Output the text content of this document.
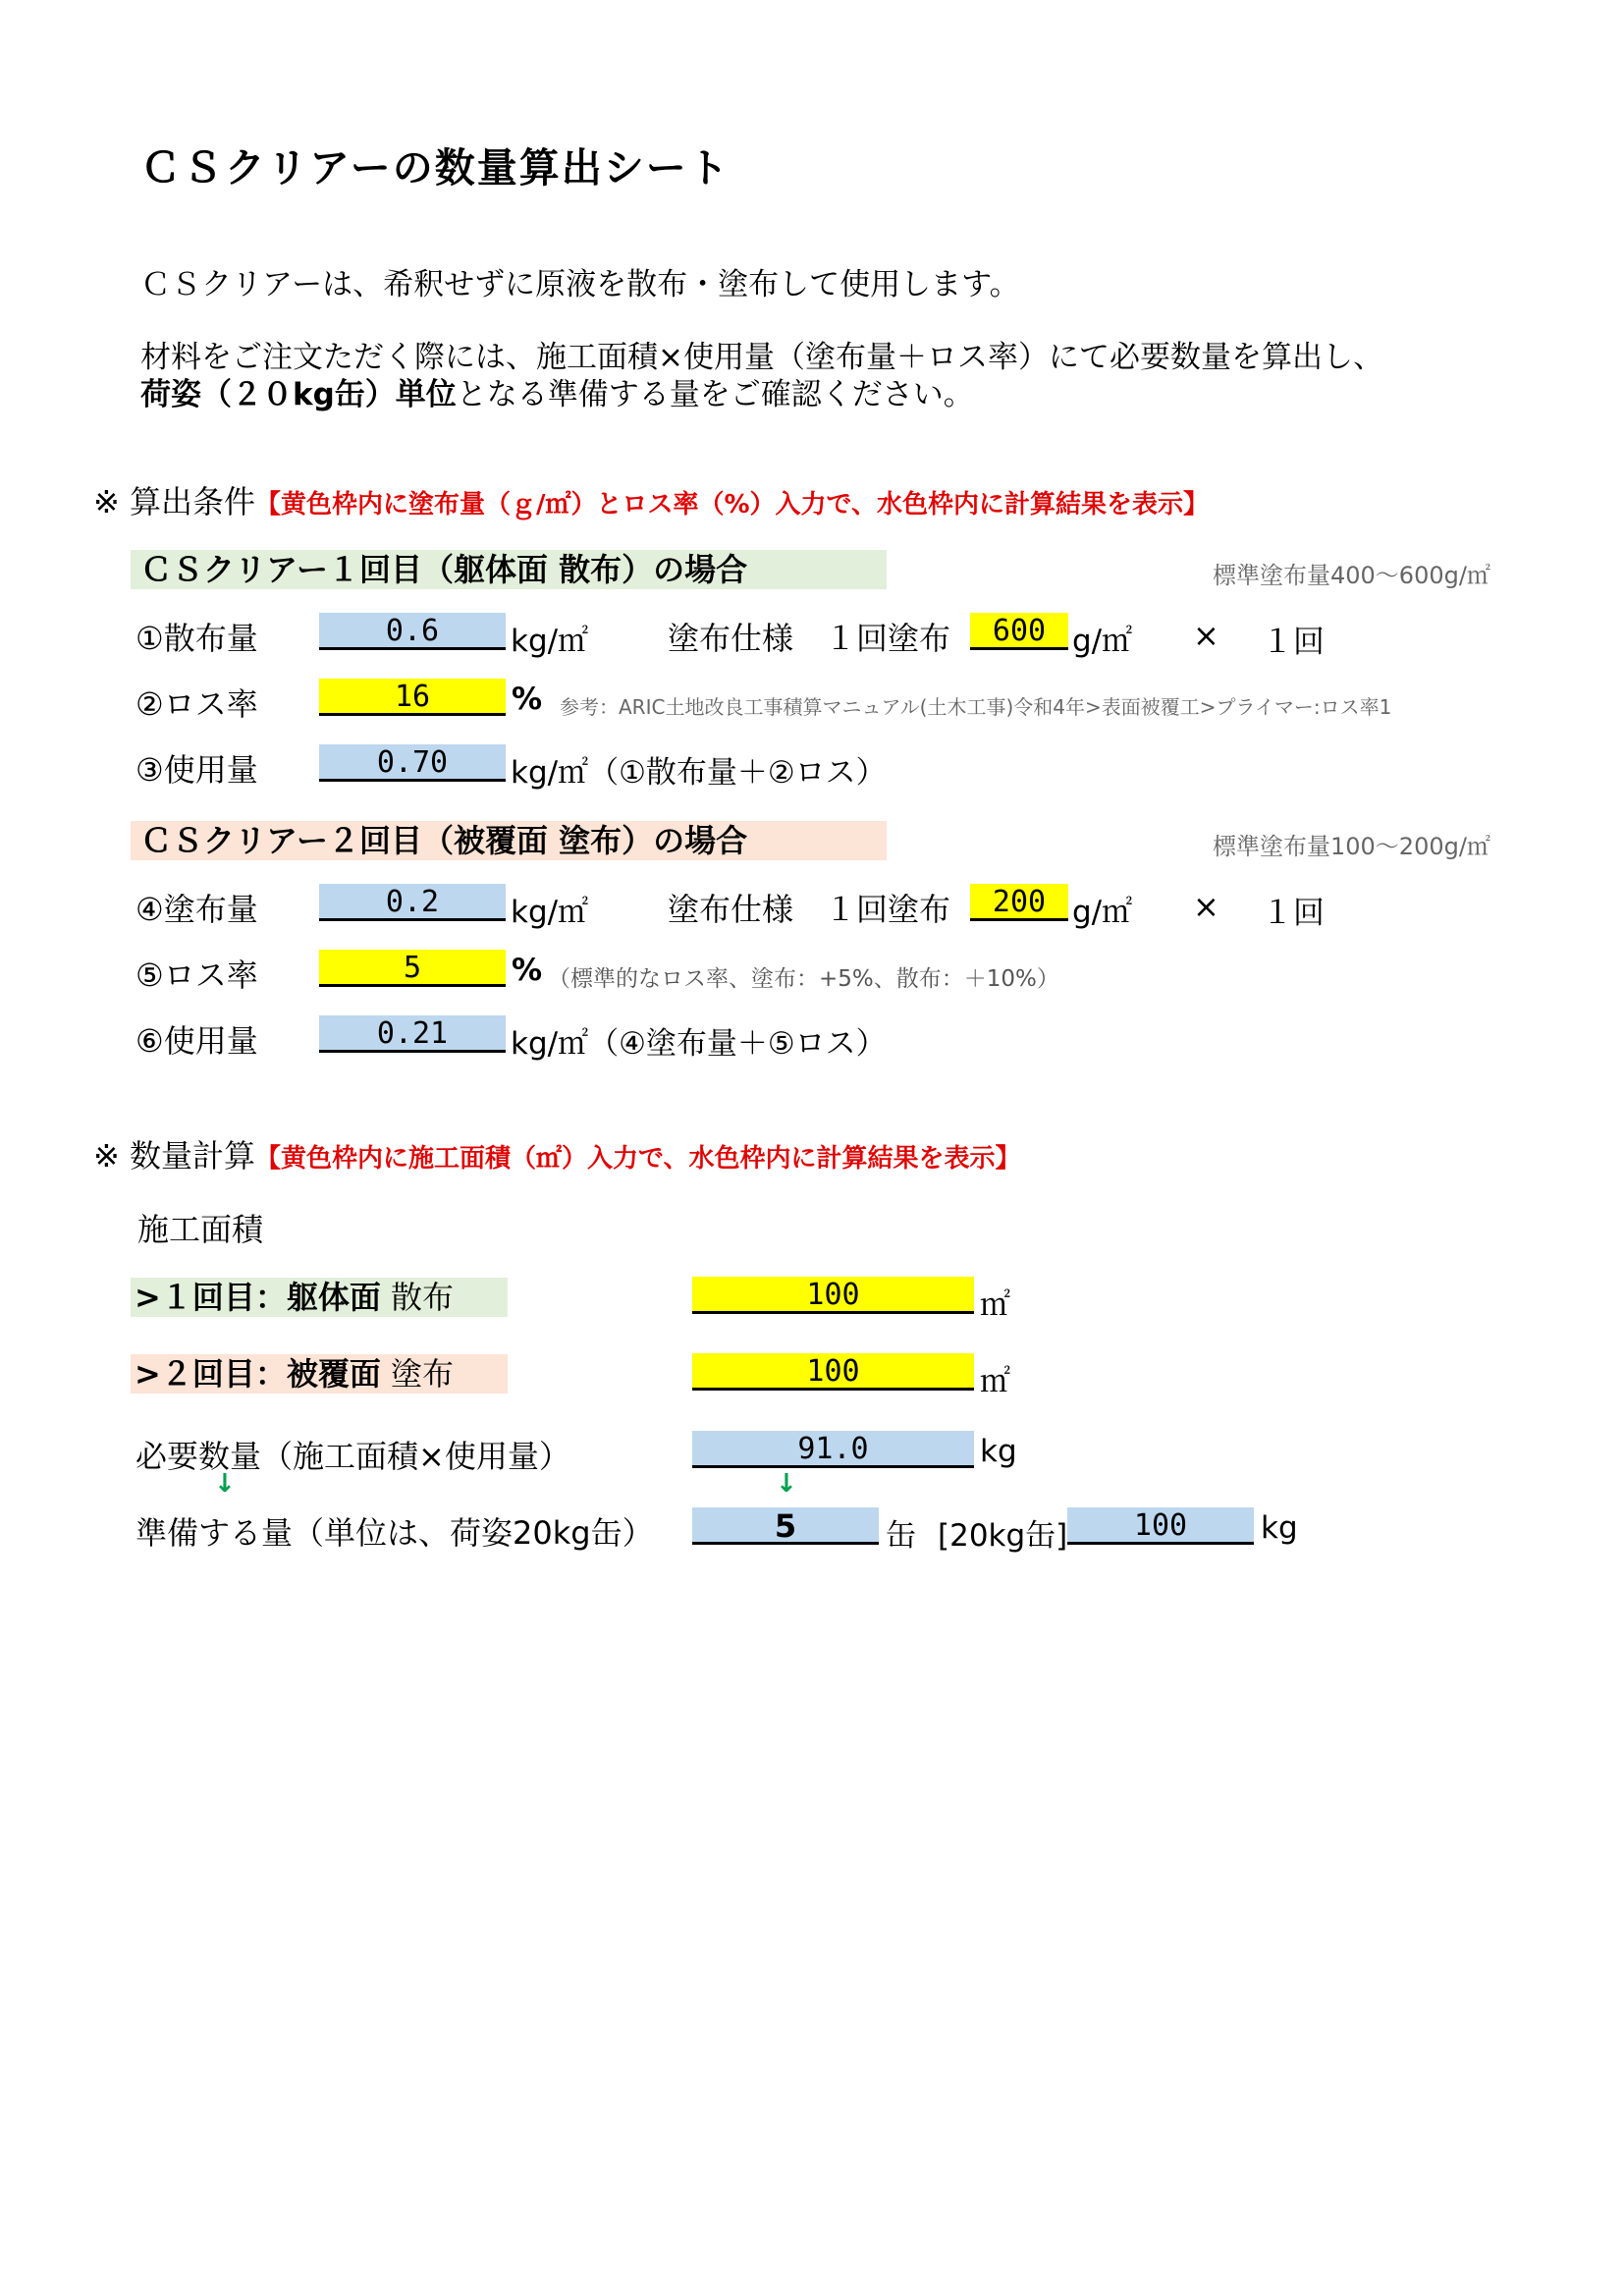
ＣＳクリアーの数量算出シート
ＣＳクリアーは、希釈せずに原液を散布・塗布して使用します。
材料をご注文ただく際には、施工面積×使用量（塗布量＋ロス率）にて必要数量を算出し、
荷姿（２０kg缶）単位となる準備する量をご確認ください。
※ 算出条件【黄色枠内に塗布量（ｇ/㎡）とロス率（%）入力で、水色枠内に計算結果を表示】
ＣＳクリアー１回目（躯体面 散布）の場合	標準塗布量400～600g/㎡
①散布量	0.6	kg/㎡	塗布仕様　１回塗布	600 g/㎡ × １回
②ロス率	16	% 参考：ARIC土地改良工事積算マニュアル(土木工事)令和4年>表面被覆工>プライマー:ロス率1
③使用量	0.70	kg/㎡（①散布量＋②ロス）
ＣＳクリアー２回目（被覆面 塗布）の場合	標準塗布量100～200g/㎡
④塗布量	0.2	kg/㎡	塗布仕様　１回塗布	200 g/㎡ × １回
⑤ロス率	5	% （標準的なロス率、塗布：+5%、散布：＋10%）
⑥使用量	0.21	kg/㎡（④塗布量＋⑤ロス）
※ 数量計算【黄色枠内に施工面積（㎡）入力で、水色枠内に計算結果を表示】
施工面積
>１回目：躯体面 散布	100	㎡
>２回目：被覆面 塗布	100	㎡
必要数量（施工面積×使用量）	91.0	kg
↓	↓
準備する量（単位は、荷姿20kg缶）	5	缶 [20kg缶]	100	kg
